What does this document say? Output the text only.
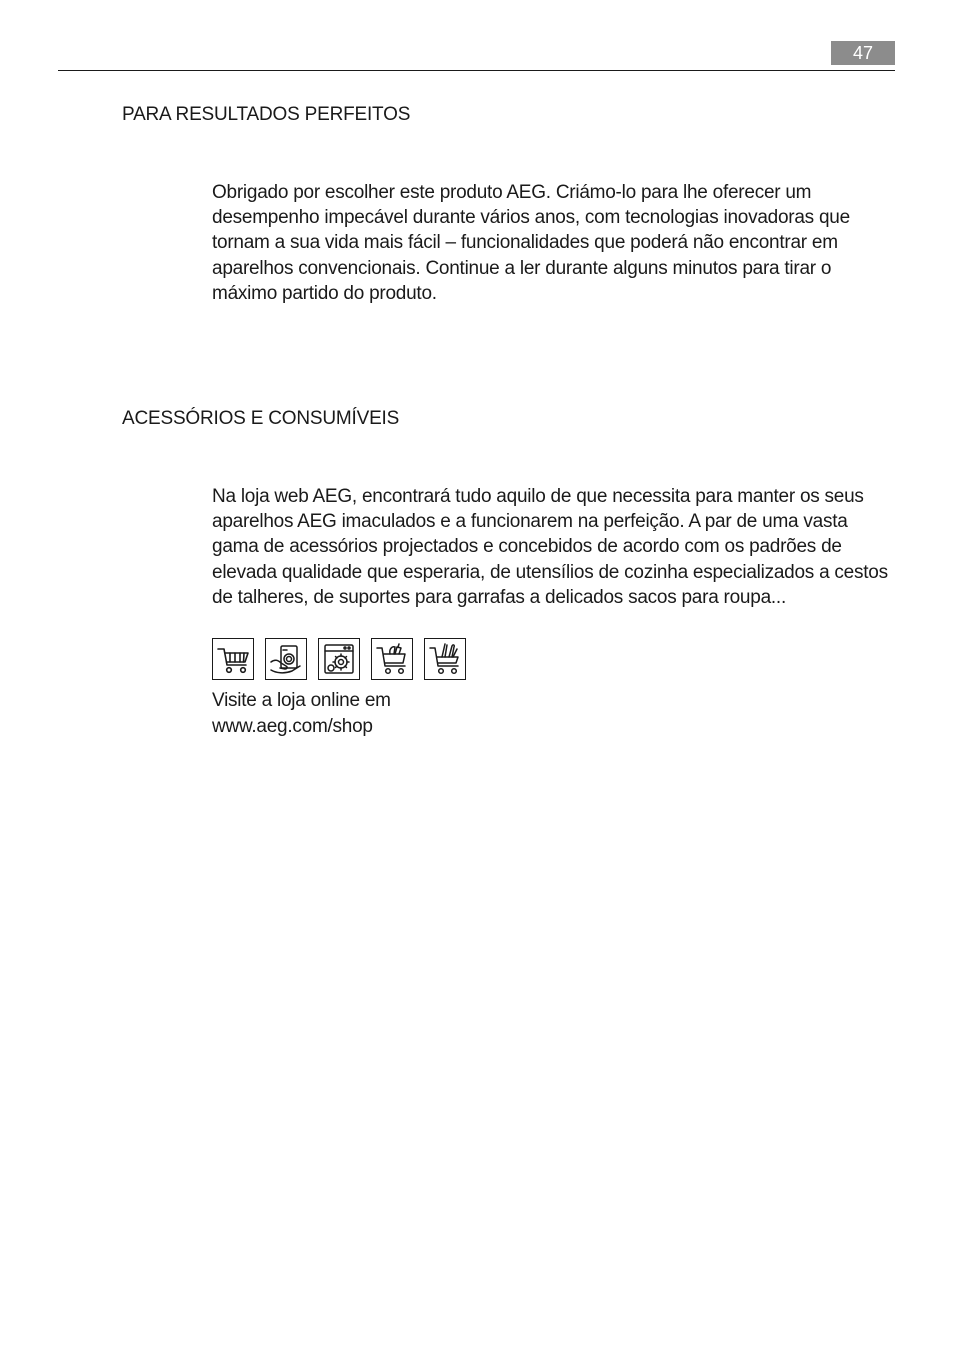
47
PARA RESULTADOS PERFEITOS

Obrigado por escolher este produto AEG. Criámo-lo para lhe oferecer um
desempenho impecável durante vários anos, com tecnologias inovadoras que
tornam a sua vida mais fácil – funcionalidades que poderá não encontrar em
aparelhos convencionais. Continue a ler durante alguns minutos para tirar o
máximo partido do produto.

ACESSÓRIOS E CONSUMÍVEIS

Na loja web AEG, encontrará tudo aquilo de que necessita para manter os seus
aparelhos AEG imaculados e a funcionarem na perfeição. A par de uma vasta
gama de acessórios projectados e concebidos de acordo com os padrões de
elevada qualidade que esperaria, de utensílios de cozinha especializados a cestos
de talheres, de suportes para garrafas a delicados sacos para roupa...

Visite a loja online em
www.aeg.com/shop
